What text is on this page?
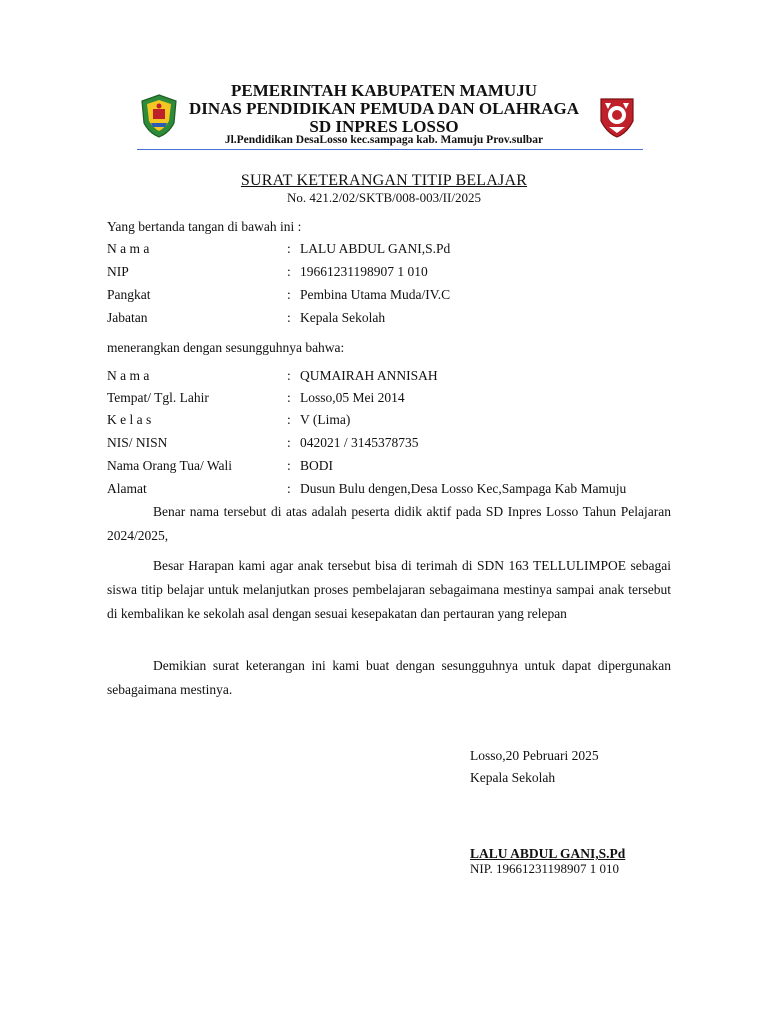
PEMERINTAH KABUPATEN MAMUJU
DINAS PENDIDIKAN PEMUDA DAN OLAHRAGA
SD INPRES LOSSO
Jl.Pendidikan DesaLosso kec.sampaga kab. Mamuju Prov.sulbar
SURAT KETERANGAN TITIP BELAJAR
No. 421.2/02/SKTB/008-003/II/2025
Yang bertanda tangan di bawah ini :
N a m a	: LALU ABDUL GANI,S.Pd
NIP	: 19661231198907 1 010
Pangkat	: Pembina Utama Muda/IV.C
Jabatan	: Kepala Sekolah
menerangkan dengan sesungguhnya bahwa:
N a m a	: QUMAIRAH ANNISAH
Tempat/ Tgl. Lahir	: Losso,05 Mei 2014
K e l a s	: V (Lima)
NIS/ NISN	: 042021 / 3145378735
Nama Orang Tua/ Wali	: BODI
Alamat	: Dusun Bulu dengen,Desa Losso Kec,Sampaga Kab Mamuju
Benar nama tersebut di atas adalah peserta didik aktif pada SD Inpres Losso Tahun Pelajaran 2024/2025,
Besar Harapan kami agar anak tersebut bisa di terimah di SDN 163 TELLULIMPOE sebagai siswa titip belajar untuk melanjutkan proses pembelajaran sebagaimana mestinya sampai anak tersebut di kembalikan ke sekolah asal dengan sesuai kesepakatan dan pertauran yang relepan
Demikian surat keterangan ini kami buat dengan sesungguhnya untuk dapat dipergunakan sebagaimana mestinya.
Losso,20 Pebruari 2025
Kepala Sekolah
LALU ABDUL GANI,S.Pd
NIP. 19661231198907 1 010
